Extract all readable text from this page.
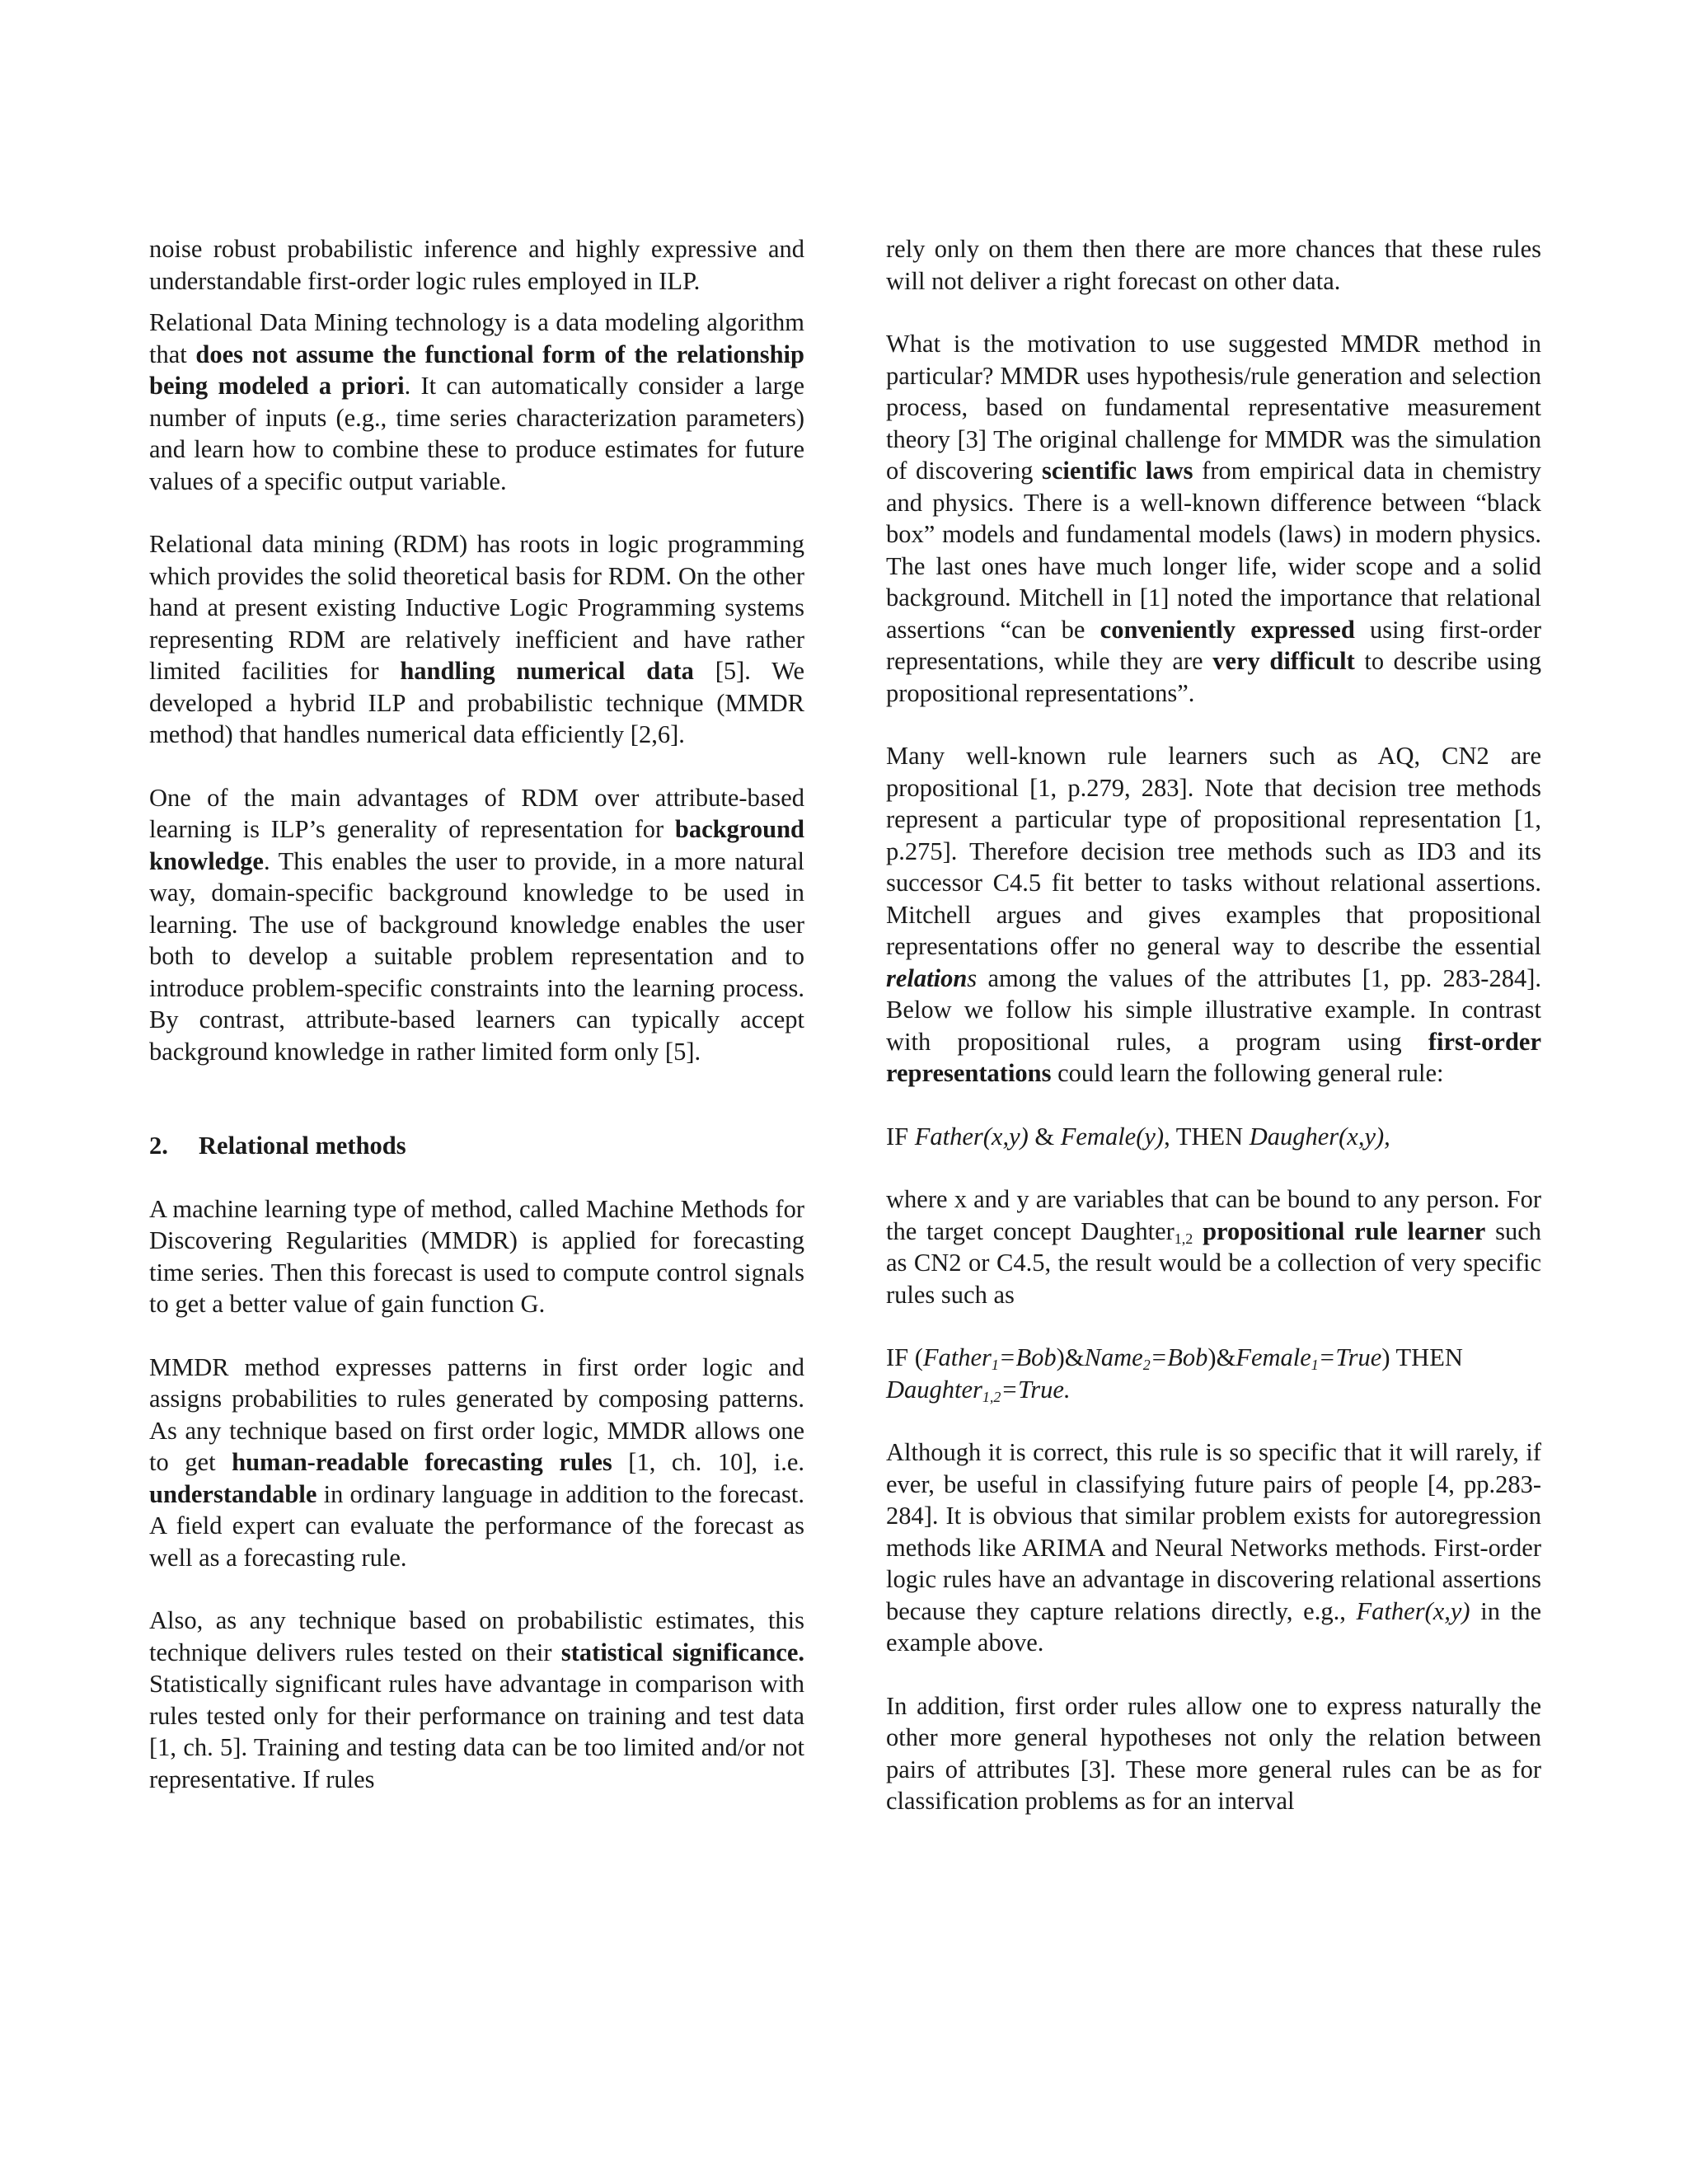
noise robust probabilistic inference and highly expressive and understandable first-order logic rules employed in ILP.

Relational Data Mining technology is a data modeling algorithm that does not assume the functional form of the relationship being modeled a priori. It can automatically consider a large number of inputs (e.g., time series characterization parameters) and learn how to combine these to produce estimates for future values of a specific output variable.

Relational data mining (RDM) has roots in logic programming which provides the solid theoretical basis for RDM. On the other hand at present existing Inductive Logic Programming systems representing RDM are relatively inefficient and have rather limited facilities for handling numerical data [5]. We developed a hybrid ILP and probabilistic technique (MMDR method) that handles numerical data efficiently [2,6].

One of the main advantages of RDM over attribute-based learning is ILP’s generality of representation for background knowledge. This enables the user to provide, in a more natural way, domain-specific background knowledge to be used in learning. The use of background knowledge enables the user both to develop a suitable problem representation and to introduce problem-specific constraints into the learning process. By contrast, attribute-based learners can typically accept background knowledge in rather limited form only [5].

2. Relational methods

A machine learning type of method, called Machine Methods for Discovering Regularities (MMDR) is applied for forecasting time series. Then this forecast is used to compute control signals to get a better value of gain function G.

MMDR method expresses patterns in first order logic and assigns probabilities to rules generated by composing patterns. As any technique based on first order logic, MMDR allows one to get human-readable forecasting rules [1, ch. 10], i.e. understandable in ordinary language in addition to the forecast. A field expert can evaluate the performance of the forecast as well as a forecasting rule.

Also, as any technique based on probabilistic estimates, this technique delivers rules tested on their statistical significance. Statistically significant rules have advantage in comparison with rules tested only for their performance on training and test data [1, ch. 5]. Training and testing data can be too limited and/or not representative. If rules

rely only on them then there are more chances that these rules will not deliver a right forecast on other data.

What is the motivation to use suggested MMDR method in particular? MMDR uses hypothesis/rule generation and selection process, based on fundamental representative measurement theory [3] The original challenge for MMDR was the simulation of discovering scientific laws from empirical data in chemistry and physics. There is a well-known difference between “black box” models and fundamental models (laws) in modern physics. The last ones have much longer life, wider scope and a solid background. Mitchell in [1] noted the importance that relational assertions “can be conveniently expressed using first-order representations, while they are very difficult to describe using propositional representations”.

Many well-known rule learners such as AQ, CN2 are propositional [1, p.279, 283]. Note that decision tree methods represent a particular type of propositional representation [1, p.275]. Therefore decision tree methods such as ID3 and its successor C4.5 fit better to tasks without relational assertions. Mitchell argues and gives examples that propositional representations offer no general way to describe the essential relations among the values of the attributes [1, pp. 283-284]. Below we follow his simple illustrative example. In contrast with propositional rules, a program using first-order representations could learn the following general rule:

IF Father(x,y) & Female(y), THEN Daugher(x,y),

where x and y are variables that can be bound to any person. For the target concept Daughter$_{1,2}$ propositional rule learner such as CN2 or C4.5, the result would be a collection of very specific rules such as

IF (Father$_1$=Bob)&Name$_2$=Bob)&Female$_1$=True) THEN
Daughter$_{1,2}$=True.

Although it is correct, this rule is so specific that it will rarely, if ever, be useful in classifying future pairs of people [4, pp.283-284]. It is obvious that similar problem exists for autoregression methods like ARIMA and Neural Networks methods. First-order logic rules have an advantage in discovering relational assertions because they capture relations directly, e.g., Father(x,y) in the example above.

In addition, first order rules allow one to express naturally the other more general hypotheses not only the relation between pairs of attributes [3]. These more general rules can be as for classification problems as for an interval
